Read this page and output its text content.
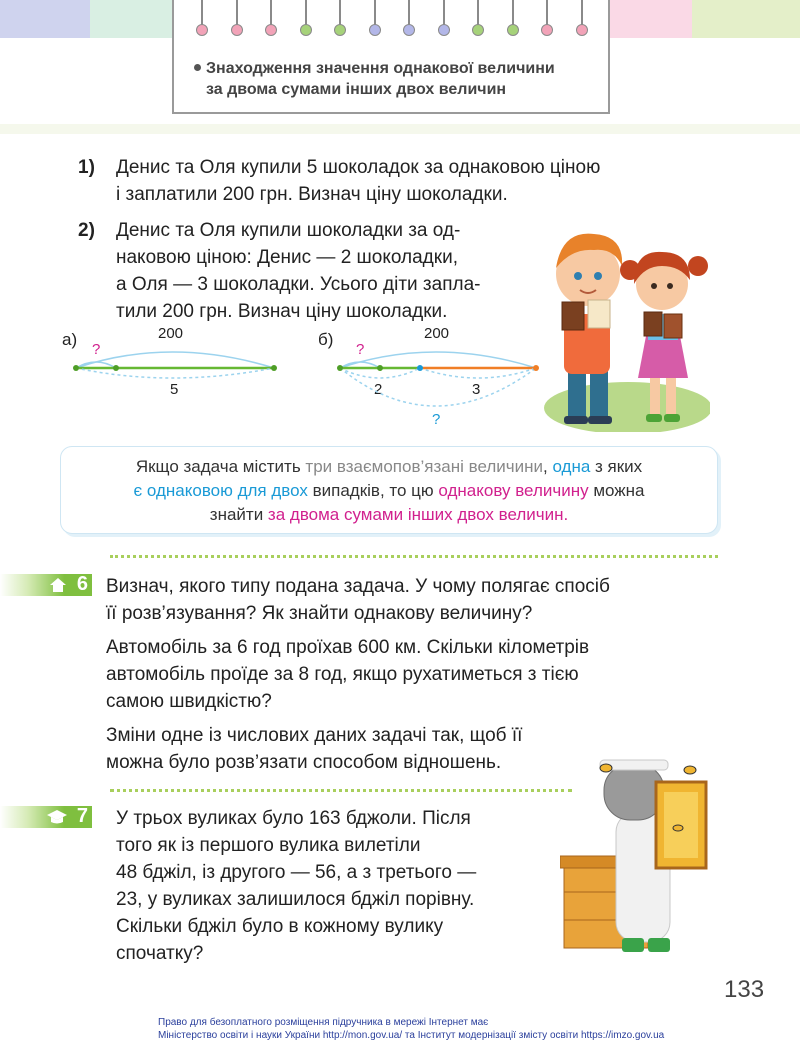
Знаходження значення однакової величини
за двома сумами інших двох величин
1) Денис та Оля купили 5 шоколадок за однаковою ціною
і заплатили 200 грн. Визнач ціну шоколадки.
2) Денис та Оля купили шоколадки за од-
наковою ціною: Денис — 2 шоколадки,
а Оля — 3 шоколадки. Усього діти запла-
тили 200 грн. Визнач ціну шоколадки.
а)	200
?
5
б)	200
?
2	3
?
Якщо задача містить три взаємопов’язані величини, одна з яких
є однаковою для двох випадків, то цю однакову величину можна
знайти за двома сумами інших двох величин.
6 Визнач, якого типу подана задача. У чому полягає спосіб
її розв’язування? Як знайти однакову величину?
Автомобіль за 6 год проїхав 600 км. Скільки кілометрів
автомобіль проїде за 8 год, якщо рухатиметься з тією
самою швидкістю?
Зміни одне із числових даних задачі так, щоб її
можна було розв’язати способом відношень.
7 У трьох вуликах було 163 бджоли. Після
того як із першого вулика вилетіли
48 бджіл, із другого — 56, а з третього —
23, у вуликах залишилося бджіл порівну.
Скільки бджіл було в кожному вулику
спочатку?
133
Право для безоплатного розміщення підручника в мережі Інтернет має
Міністерство освіти і науки України http://mon.gov.ua/ та Інститут модернізації змісту освіти https://imzo.gov.ua
